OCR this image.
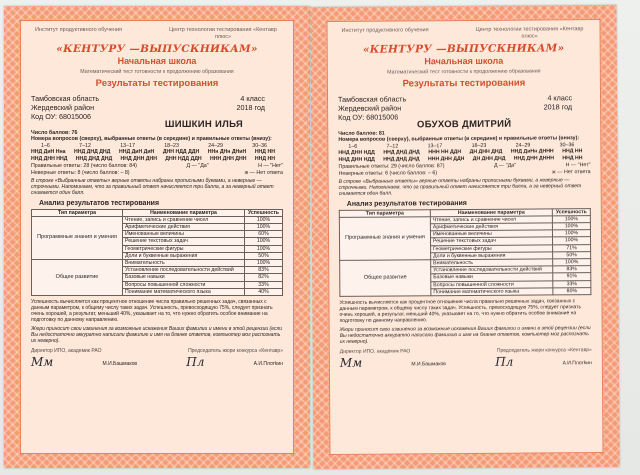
Институт продуктивного обучения	Центр технологии тестирования «Кентавр плюс»
«КЕНТУРУ —ВЫПУСКНИКАМ»
Начальная школа
Математический тест готовности к продолжению образования
Результаты тестирования
Тамбовская область
Жердевский район
Код ОУ: 68015006
4 класс
2018 год
ШИШКИН ИЛЬЯ
Число баллов: 76
Номера вопросов (сверху), выбранные ответы (в середине) и правильные ответы (внизу):
1–6	7–12	13–17	18–23	24–29	30–36
ННД ДиН Нна ННД ДНД ДНД ННД ДиН ДиН ДНН НДД ДДН ННн ДНн ДНиН ННД НН
ННД ДНН ННД ННД ДНД ДНД ННД ДНН ДНН ДНН НДД ДДН ННН ДНН ДНН ННД НН
Правильные ответы: 28 (число баллов: 84)	Д — "Да"	Н — "Нет"
Неверные ответы: 8 (число баллов: – 8)	ж — Нет ответа
В строке «Выбранные ответы» верные ответы набраны прописными буквами, а неверные — строчными. Напоминаем, что за правильный ответ начисляется три балла, а за неверный ответ снимается один балл.
Анализ результатов тестирования
Тип параметра	Наименование параметра	Успешность
Программные знания и умения	Чтение, запись и сравнение чисел	100%
	Арифметические действия	100%
	Именованные величины	60%
	Решение текстовых задач	100%
	Геометрические фигуры	100%
	Доли и буквенные выражения	50%
Общее развитие	Внимательность	100%
	Установление последовательности действий	83%
	Базовые навыки	82%
	Вопросы повышенной сложности	33%
	Понимание математического языка	40%
Успешность вычисляется как процентное отношение числа правильно решенных задач, связанных с данным параметром, к общему числу таких задач. Успешность, превосходящую 75%, следует признать очень хорошей, а результат, меньший 40%, указывает на то, что нужно обратить особое внимание на подготовку по данному направлению.
Жюри приносит свои извинения за возможные искажения Ваших фамилии и имени в этой рецензии (если Вы недостаточно аккуратно написали фамилию и имя на бланке ответов, компьютер мог распознать их неверно).
Директор ИПО, академик РАО	Председатель жюри конкурса «Кентавр»
Мм	М.И.Башмаков	Пл	А.И.Плотkин
Институт продуктивного обучения	Центр технологии тестирования «Кентавр плюс»
«КЕНТУРУ —ВЫПУСКНИКАМ»
Начальная школа
Математический тест готовности к продолжению образования
Результаты тестирования
Тамбовская область
Жердевский район
Код ОУ: 68015006
4 класс
2018 год
ОБУХОВ ДМИТРИЙ
Число баллов: 81
Номера вопросов (сверху), выбранные ответы (в середине) и правильные ответы (внизу):
1–6	7–12	13–17	18–23	24–29	30–36
ННД ДНН НДД ННД ДНД ДНД ННН НН ДДН ДН ДНН ДНД ННД ДиНн ДННН ННД НН
ННД ДНН НДД ННД ДНД ДНД ННН ДНН ДДН ДН ДНН ДНД ННД ДНН ДННН ННД НН
Правильные ответы: 29 (число баллов: 87)	Д — "Да"	Н — "Нет"
Неверные ответы: 6 (число баллов: – 6)	ж — Нет ответа
В строке «Выбранные ответы» верные ответы набраны прописными буквами, а неверные — строчными. Напоминаем, что за правильный ответ начисляется три балла, а за неверный ответ снимается один балл.
Анализ результатов тестирования
Тип параметра	Наименование параметра	Успешность
Программные знания и умения	Чтение, запись и сравнение чисел	100%
	Арифметические действия	100%
	Именованные величины	100%
	Решение текстовых задач	100%
	Геометрические фигуры	71%
	Доли и буквенные выражения	50%
Общее развитие	Внимательность	100%
	Установление последовательности действий	83%
	Базовые навыки	91%
	Вопросы повышенной сложности	33%
	Понимание математического языка	80%
Успешность вычисляется как процентное отношение числа правильно решенных задач, связанных с данным параметром, к общему числу таких задач. Успешность, превосходящую 75%, следует признать очень хорошей, а результат, меньший 40%, указывает на то, что нужно обратить особое внимание на подготовку по данному направлению.
Жюри приносит свои извинения за возможные искажения Ваших фамилии и имени в этой рецензии (если Вы недостаточно аккуратно написали фамилию и имя на бланке ответов, компьютер мог распознать их неверно).
Директор ИПО, академик РАО	Председатель жюри конкурса «Кентавр»
Мм	М.И.Башмаков	Пл	А.И.Плотkин
